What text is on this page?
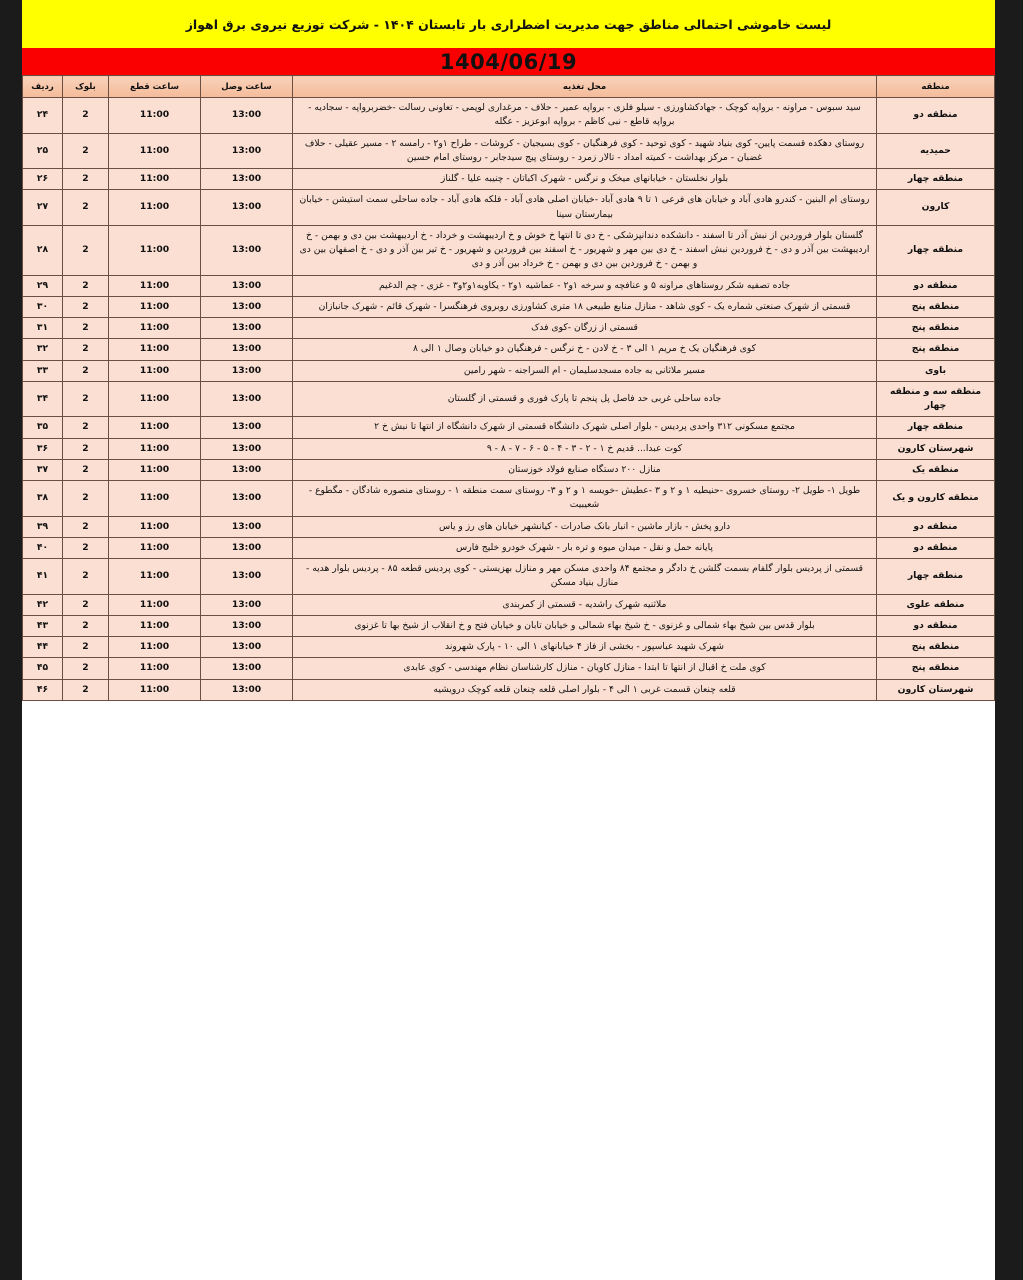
لیست خاموشی احتمالی مناطق جهت مدیریت اضطراری بار تابستان ۱۴۰۴ - شرکت توزیع نیروی برق اهواز
1404/06/19
منطقه	محل تغذیه	ساعت وصل	ساعت قطع	بلوک	ردیف
منطقه دو	سید سبوس - مراونه - برواپه کوچک - جهادکشاورزی - سیلو فلزی - برواپه عمیر - حلاف - مرغداری لوپمی - تعاونی رسالت -خضربرواپه - سجادیه - برواپه قاطع - نبی کاظم - برواپه ابوعزیز - عگله	13:00	11:00	2	۲۴
حمیدیه	روستای دهکده قسمت پایین- کوی بنیاد شهید - کوی توحید - کوی فرهنگیان - کوی بسیجیان - کروشات - طراح ۱و۲ - رامسه ۲ - مسیر عقیلی - حلاف غضبان - مرکز بهداشت - کمیته امداد - تالار زمرد - روستای پیج سیدجابر - روستای امام حسین	13:00	11:00	2	۲۵
منطقه چهار	بلوار نخلستان - خیابانهای میخک و نرگس - شهرک اکباتان - چنیبه علیا - گلناز	13:00	11:00	2	۲۶
کارون	روستای ام البنین - کندرو هادی آباد و خیابان های فرعی ۱ تا ۹ هادی آباد -خیابان اصلی هادی آباد - فلکه هادی آباد - جاده ساحلی سمت استیشن - خیابان بیمارستان سینا	13:00	11:00	2	۲۷
منطقه چهار	گلستان بلوار فروردین از نبش آذر تا اسفند - دانشکده دندانپزشکی - خ دی تا انتها خ خوش و خ اردیبهشت و خرداد - خ اردیبهشت بین دی و بهمن - خ اردیبهشت بین آذر و دی - خ فروردین نبش اسفند - خ دی بین مهر و شهریور - خ اسفند بین فروردین و شهریور - خ تیر بین آذر و دی - خ اصفهان بین دی و بهمن - خ فروردین بین دی و بهمن - خ خرداد بین آذر و دی	13:00	11:00	2	۲۸
منطقه دو	جاده تصفیه شکر روستاهای مراونه ۵ و عنافچه و سرخه ۱و۲ - عماشیه ۱و۲ - یکاویه۱و۲و۳ - غزی - چم الدغیم	13:00	11:00	2	۲۹
منطقه پنج	قسمتی از شهرک صنعتی شماره یک - کوی شاهد - منازل منابع طبیعی ۱۸ متری کشاورزی روبروی فرهنگسرا - شهرک قائم - شهرک جانبازان	13:00	11:00	2	۳۰
منطقه پنج	قسمتی از زرگان -کوی فدک	13:00	11:00	2	۳۱
منطقه پنج	کوی فرهنگیان یک خ مریم ۱ الی ۳ - خ لادن - خ نرگس - فرهنگیان دو خیابان وصال ۱ الی ۸	13:00	11:00	2	۳۲
باوی	مسیر ملاثانی به جاده مسجدسلیمان - ام السراجنه - شهر رامین	13:00	11:00	2	۳۳
منطقه سه و منطقه چهار	جاده ساحلی غربی حد فاصل پل پنجم تا پارک فوری و قسمتی از گلستان	13:00	11:00	2	۳۴
منطقه چهار	مجتمع مسکونی ۳۱۲ واحدی پردیس - بلوار اصلی شهرک دانشگاه قسمتی از شهرک دانشگاه از انتها تا نبش خ ۲	13:00	11:00	2	۳۵
شهرستان کارون	کوت عبدا... قدیم خ ۱ - ۲ - ۳ - ۴ - ۵ - ۶ - ۷ - ۸ - ۹	13:00	11:00	2	۳۶
منطقه یک	منازل ۲۰۰ دستگاه صنایع فولاد خوزستان	13:00	11:00	2	۳۷
منطقه کارون و یک	طویل ۱- طویل ۲- روستای خسروی -حنیطیه ۱ و ۲ و ۳ -عطیش -خویسه ۱ و ۲ و ۳- روستای سمت منطقه ۱ - روستای منصوره شادگان - مگطوع - شعیبیت	13:00	11:00	2	۳۸
منطقه دو	دارو پخش - بازار ماشین - انبار بانک صادرات - کیانشهر خیابان های رز و یاس	13:00	11:00	2	۳۹
منطقه دو	پایانه حمل و نقل - میدان میوه و تره بار - شهرک خودرو خلیج فارس	13:00	11:00	2	۴۰
منطقه چهار	قسمتی از پردیس بلوار گلفام بسمت گلشن خ دادگر و مجتمع ۸۴ واحدی مسکن مهر و منازل بهزیستی - کوی پردیس قطعه ۸۵ - پردیس بلوار هدیه - منازل بنیاد مسکن	13:00	11:00	2	۴۱
منطقه علوی	ملاثنیه شهرک راشدیه - قسمتی از کمربندی	13:00	11:00	2	۴۲
منطقه دو	بلوار قدس بین شیخ بهاء شمالی و غزنوی - خ شیخ بهاء شمالی و خیابان تابان و خیابان فتح و خ انقلاب از شیخ بها تا غزنوی	13:00	11:00	2	۴۳
منطقه پنج	شهرک شهید عباسپور - بخشی از فاز ۴ خیابانهای ۱ الی ۱۰ - پارک شهروند	13:00	11:00	2	۴۴
منطقه پنج	کوی ملت خ اقبال از انتها تا ابتدا - منازل کاویان - منازل کارشناسان نظام مهندسی - کوی عابدی	13:00	11:00	2	۴۵
شهرستان کارون	قلعه چنعان قسمت غربی ۱ الی ۴ - بلوار اصلی قلعه چنعان قلعه کوچک درویشیه	13:00	11:00	2	۴۶
